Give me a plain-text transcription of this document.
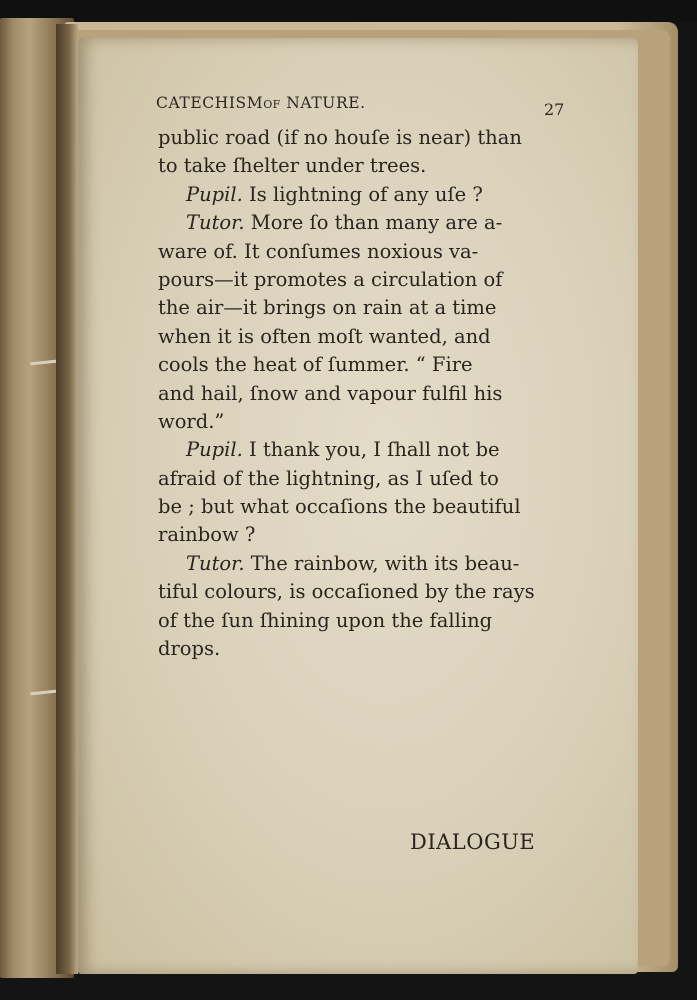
CATECHISMOF NATURE.	27
public road (if no houſe is near) than
to take ſhelter under trees.
Pupil. Is lightning of any uſe ?
Tutor. More ſo than many are a-
ware of. It conſumes noxious va-
pours—it promotes a circulation of
the air—it brings on rain at a time
when it is often moſt wanted, and
cools the heat of ſummer. “ Fire
and hail, ſnow and vapour fulfil his
word.”
Pupil. I thank you, I ſhall not be
afraid of the lightning, as I uſed to
be ; but what occaſions the beautiful
rainbow ?
Tutor. The rainbow, with its beau-
tiful colours, is occaſioned by the rays
of the ſun ſhining upon the falling
drops.
DIALOGUE
